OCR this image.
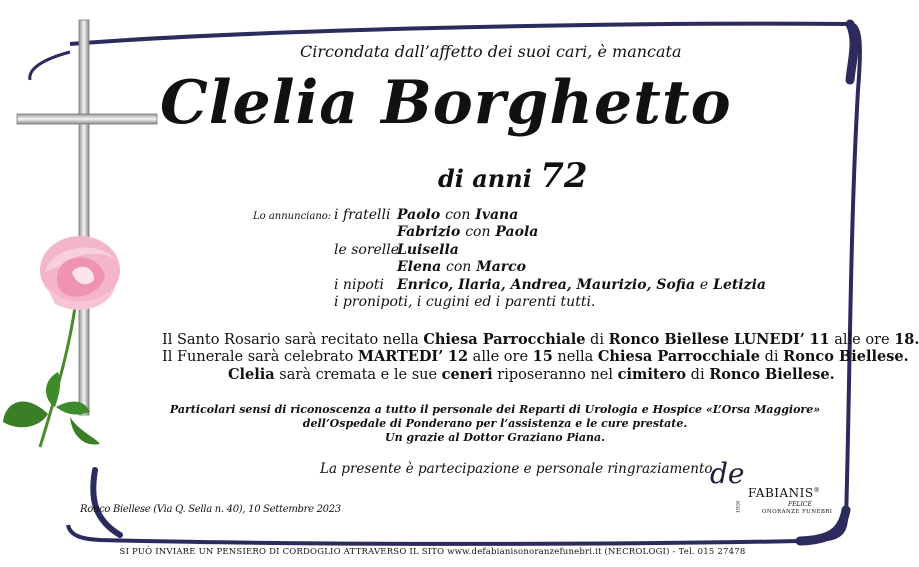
Circondata dall’affetto dei suoi cari, è mancata
Clelia Borghetto
di anni 72
Lo annunciano: i fratelli Paolo con Ivana
Fabrizio con Paola
le sorelle
Luisella
Elena con Marco
i nipoti Enrico, Ilaria, Andrea, Maurizio, Sofia e Letizia
i pronipoti, i cugini ed i parenti tutti.
Il Santo Rosario sarà recitato nella Chiesa Parrocchiale di Ronco Biellese LUNEDI’ 11 alle ore 18.
Il Funerale sarà celebrato MARTEDI’ 12 alle ore 15 nella Chiesa Parrocchiale di Ronco Biellese.
Clelia sarà cremata e le sue ceneri riposeranno nel cimitero di Ronco Biellese.
Particolari sensi di riconoscenza a tutto il personale dei Reparti di Urologia e Hospice «L’Orsa Maggiore»
dell’Ospedale di Ponderano per l’assistenza e le cure prestate.
Un grazie al Dottor Graziano Piana.
La presente è partecipazione e personale ringraziamento.
Ronco Biellese (Via Q. Sella n. 40), 10 Settembre 2023
de
FABIANIS®
FELICE
ONORANZE FUNEBRI
1926
SI PUÒ INVIARE UN PENSIERO DI CORDOGLIO ATTRAVERSO IL SITO www.defabianisonoranzefunebri.it (NECROLOGI) - Tel. 015 27478
